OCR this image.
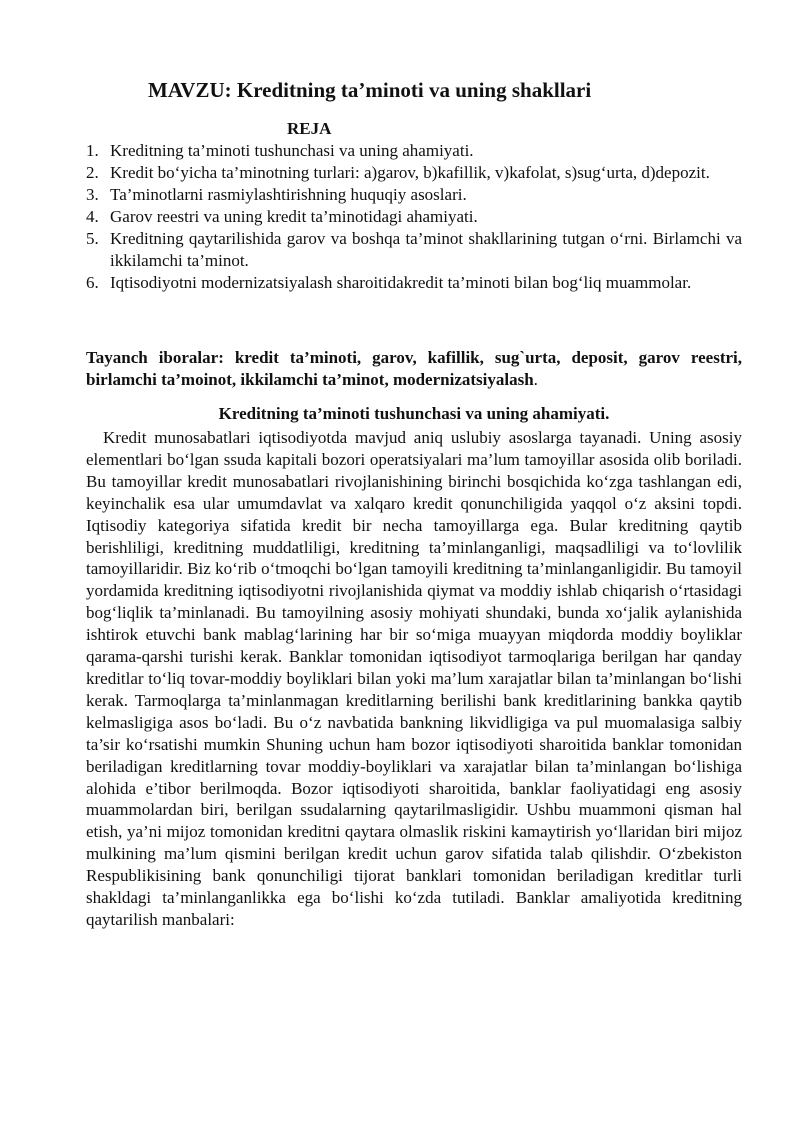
MAVZU: Kreditning ta’minoti va uning shakllari
REJA
1. Kreditning ta’minoti tushunchasi va uning ahamiyati.
2. Kredit bo‘yicha ta’minotning turlari: a)garov, b)kafillik, v)kafolat, s)sug‘urta, d)depozit.
3. Ta’minotlarni rasmiylashtirishning huquqiy asoslari.
4. Garov reestri va uning kredit ta’minotidagi ahamiyati.
5. Kreditning qaytarilishida garov va boshqa ta’minot shakllarining tutgan o‘rni. Birlamchi va ikkilamchi ta’minot.
6. Iqtisodiyotni modernizatsiyalash sharoitidakredit ta’minoti bilan bog‘liq muammolar.

Tayanch iboralar: kredit ta’minoti, garov, kafillik, sug`urta, deposit, garov reestri, birlamchi ta’moinot, ikkilamchi ta’minot, modernizatsiyalash.

Kreditning ta’minoti tushunchasi va uning ahamiyati.

Kredit munosabatlari iqtisodiyotda mavjud aniq uslubiy asoslarga tayanadi. Uning asosiy elementlari bo‘lgan ssuda kapitali bozori operatsiyalari ma’lum tamoyillar asosida olib boriladi. Bu tamoyillar kredit munosabatlari rivojlanishining birinchi bosqichida ko‘zga tashlangan edi, keyinchalik esa ular umumdavlat va xalqaro kredit qonunchiligida yaqqol o‘z aksini topdi. Iqtisodiy kategoriya sifatida kredit bir necha tamoyillarga ega. Bular kreditning qaytib berishliligi, kreditning muddatliligi, kreditning ta’minlanganligi, maqsadliligi va to‘lovlilik tamoyillaridir. Biz ko‘rib o‘tmoqchi bo‘lgan tamoyili kreditning ta’minlanganligidir. Bu tamoyil yordamida kreditning iqtisodiyotni rivojlanishida qiymat va moddiy ishlab chiqarish o‘rtasidagi bog‘liqlik ta’minlanadi. Bu tamoyilning asosiy mohiyati shundaki, bunda xo‘jalik aylanishida ishtirok etuvchi bank mablag‘larining har bir so‘miga muayyan miqdorda moddiy boyliklar qarama-qarshi turishi kerak. Banklar tomonidan iqtisodiyot tarmoqlariga berilgan har qanday kreditlar to‘liq tovar-moddiy boyliklari bilan yoki ma’lum xarajatlar bilan ta’minlangan bo‘lishi kerak. Tarmoqlarga ta’minlanmagan kreditlarning berilishi bank kreditlarining bankka qaytib kelmasligiga asos bo‘ladi. Bu o‘z navbatida bankning likvidligiga va pul muomalasiga salbiy ta’sir ko‘rsatishi mumkin Shuning uchun ham bozor iqtisodiyoti sharoitida banklar tomonidan beriladigan kreditlarning tovar moddiy-boyliklari va xarajatlar bilan ta’minlangan bo‘lishiga alohida e’tibor berilmoqda. Bozor iqtisodiyoti sharoitida, banklar faoliyatidagi eng asosiy muammolardan biri, berilgan ssudalarning qaytarilmasligidir. Ushbu muammoni qisman hal etish, ya’ni mijoz tomonidan kreditni qaytara olmaslik riskini kamaytirish yo‘llaridan biri mijoz mulkining ma’lum qismini berilgan kredit uchun garov sifatida talab qilishdir. O‘zbekiston Respublikisining bank qonunchiligi tijorat banklari tomonidan beriladigan kreditlar turli shakldagi ta’minlanganlikka ega bo‘lishi ko‘zda tutiladi. Banklar amaliyotida kreditning qaytarilish manbalari:
